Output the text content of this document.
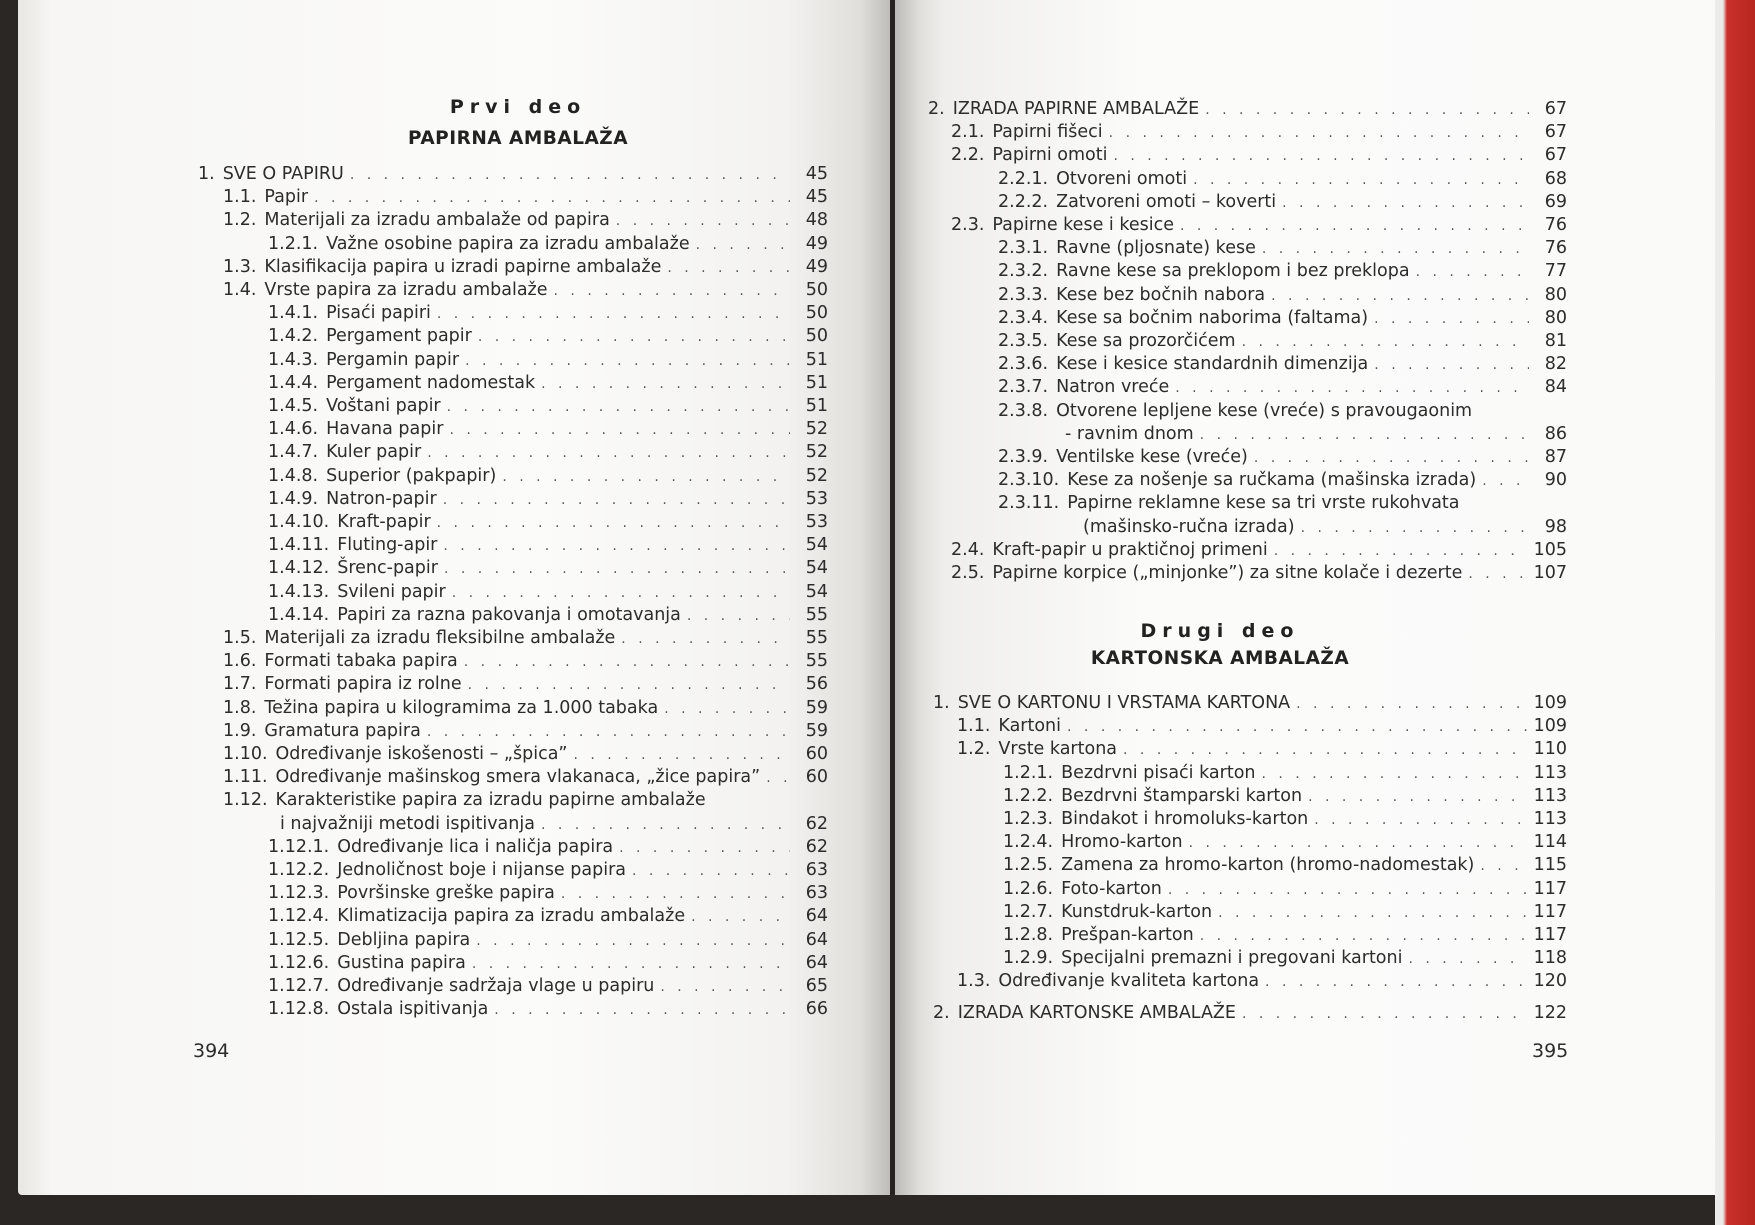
Prvi deo
PAPIRNA AMBALAŽA
1. SVE O PAPIRU . . .	45
1.1. Papir . . .	45
1.2. Materijali za izradu ambalaže od papira . . .	48
1.2.1. Važne osobine papira za izradu ambalaže . . .	49
1.3. Klasifikacija papira u izradi papirne ambalaže . . .	49
1.4. Vrste papira za izradu ambalaže . . .	50
1.4.1. Pisaći papiri . . .	50
1.4.2. Pergament papir . . .	50
1.4.3. Pergamin papir . . .	51
1.4.4. Pergament nadomestak . . .	51
1.4.5. Voštani papir . . .	51
1.4.6. Havana papir . . .	52
1.4.7. Kuler papir . . .	52
1.4.8. Superior (pakpapir) . . .	52
1.4.9. Natron-papir . . .	53
1.4.10. Kraft-papir . . .	53
1.4.11. Fluting-apir . . .	54
1.4.12. Šrenc-papir . . .	54
1.4.13. Svileni papir . . .	54
1.4.14. Papiri za razna pakovanja i omotavanja . . .	55
1.5. Materijali za izradu fleksibilne ambalaže . . .	55
1.6. Formati tabaka papira . . .	55
1.7. Formati papira iz rolne . . .	56
1.8. Težina papira u kilogramima za 1.000 tabaka . . .	59
1.9. Gramatura papira . . .	59
1.10. Određivanje iskošenosti – „špica” . . .	60
1.11. Određivanje mašinskog smera vlakanaca, „žice papira” . . .	60
1.12. Karakteristike papira za izradu papirne ambalaže
i najvažniji metodi ispitivanja . . .	62
1.12.1. Određivanje lica i naličja papira . . .	62
1.12.2. Jednoličnost boje i nijanse papira . . .	63
1.12.3. Površinske greške papira . . .	63
1.12.4. Klimatizacija papira za izradu ambalaže . . .	64
1.12.5. Debljina papira . . .	64
1.12.6. Gustina papira . . .	64
1.12.7. Određivanje sadržaja vlage u papiru . . .	65
1.12.8. Ostala ispitivanja . . .	66
394
2. IZRADA PAPIRNE AMBALAŽE . . .	67
2.1. Papirni fišeci . . .	67
2.2. Papirni omoti . . .	67
2.2.1. Otvoreni omoti . . .	68
2.2.2. Zatvoreni omoti – koverti . . .	69
2.3. Papirne kese i kesice . . .	76
2.3.1. Ravne (pljosnate) kese . . .	76
2.3.2. Ravne kese sa preklopom i bez preklopa . . .	77
2.3.3. Kese bez bočnih nabora . . .	80
2.3.4. Kese sa bočnim naborima (faltama) . . .	80
2.3.5. Kese sa prozorčićem . . .	81
2.3.6. Kese i kesice standardnih dimenzija . . .	82
2.3.7. Natron vreće . . .	84
2.3.8. Otvorene lepljene kese (vreće) s pravougaonim
- ravnim dnom . . .	86
2.3.9. Ventilske kese (vreće) . . .	87
2.3.10. Kese za nošenje sa ručkama (mašinska izrada) . . .	90
2.3.11. Papirne reklamne kese sa tri vrste rukohvata
(mašinsko-ručna izrada) . . .	98
2.4. Kraft-papir u praktičnoj primeni . . .	105
2.5. Papirne korpice („minjonke”) za sitne kolače i dezerte . . .	107
Drugi deo
KARTONSKA AMBALAŽA
1. SVE O KARTONU I VRSTAMA KARTONA . . .	109
1.1. Kartoni . . .	109
1.2. Vrste kartona . . .	110
1.2.1. Bezdrvni pisaći karton . . .	113
1.2.2. Bezdrvni štamparski karton . . .	113
1.2.3. Bindakot i hromoluks-karton . . .	113
1.2.4. Hromo-karton . . .	114
1.2.5. Zamena za hromo-karton (hromo-nadomestak) . . .	115
1.2.6. Foto-karton . . .	117
1.2.7. Kunstdruk-karton . . .	117
1.2.8. Prešpan-karton . . .	117
1.2.9. Specijalni premazni i pregovani kartoni . . .	118
1.3. Određivanje kvaliteta kartona . . .	120
2. IZRADA KARTONSKE AMBALAŽE . . .	122
395
